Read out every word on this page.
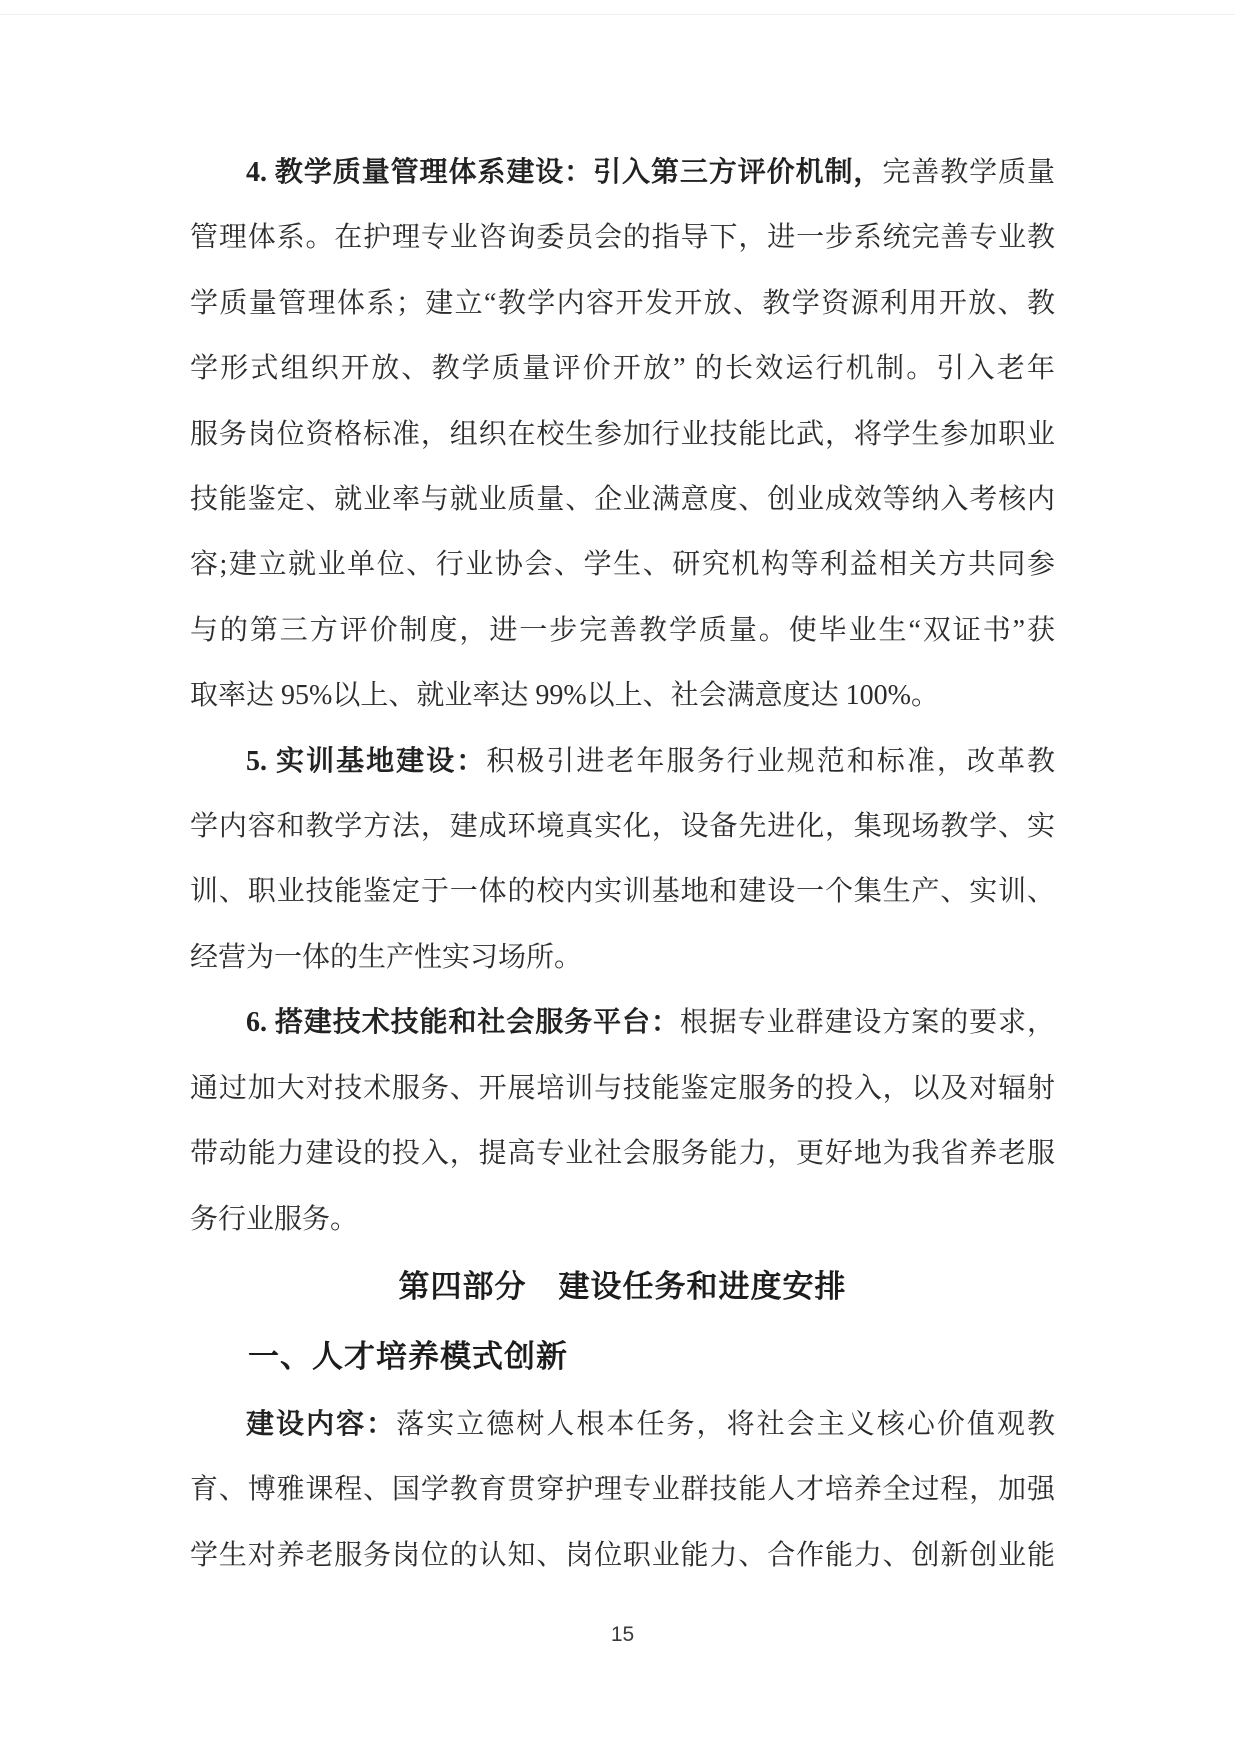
4. 教学质量管理体系建设：引入第三方评价机制，完善教学质量
管理体系。在护理专业咨询委员会的指导下，进一步系统完善专业教
学质量管理体系；建立“教学内容开发开放、教学资源利用开放、教
学形式组织开放、教学质量评价开放” 的长效运行机制。引入老年
服务岗位资格标准，组织在校生参加行业技能比武，将学生参加职业
技能鉴定、就业率与就业质量、企业满意度、创业成效等纳入考核内
容;建立就业单位、行业协会、学生、研究机构等利益相关方共同参
与的第三方评价制度，进一步完善教学质量。使毕业生“双证书”获
取率达 95%以上、就业率达 99%以上、社会满意度达 100%。
5. 实训基地建设：积极引进老年服务行业规范和标准，改革教
学内容和教学方法，建成环境真实化，设备先进化，集现场教学、实
训、职业技能鉴定于一体的校内实训基地和建设一个集生产、实训、
经营为一体的生产性实习场所。
6. 搭建技术技能和社会服务平台：根据专业群建设方案的要求，
通过加大对技术服务、开展培训与技能鉴定服务的投入，以及对辐射
带动能力建设的投入，提高专业社会服务能力，更好地为我省养老服
务行业服务。
第四部分　建设任务和进度安排
一、人才培养模式创新
建设内容：落实立德树人根本任务，将社会主义核心价值观教
育、博雅课程、国学教育贯穿护理专业群技能人才培养全过程，加强
学生对养老服务岗位的认知、岗位职业能力、合作能力、创新创业能
15
